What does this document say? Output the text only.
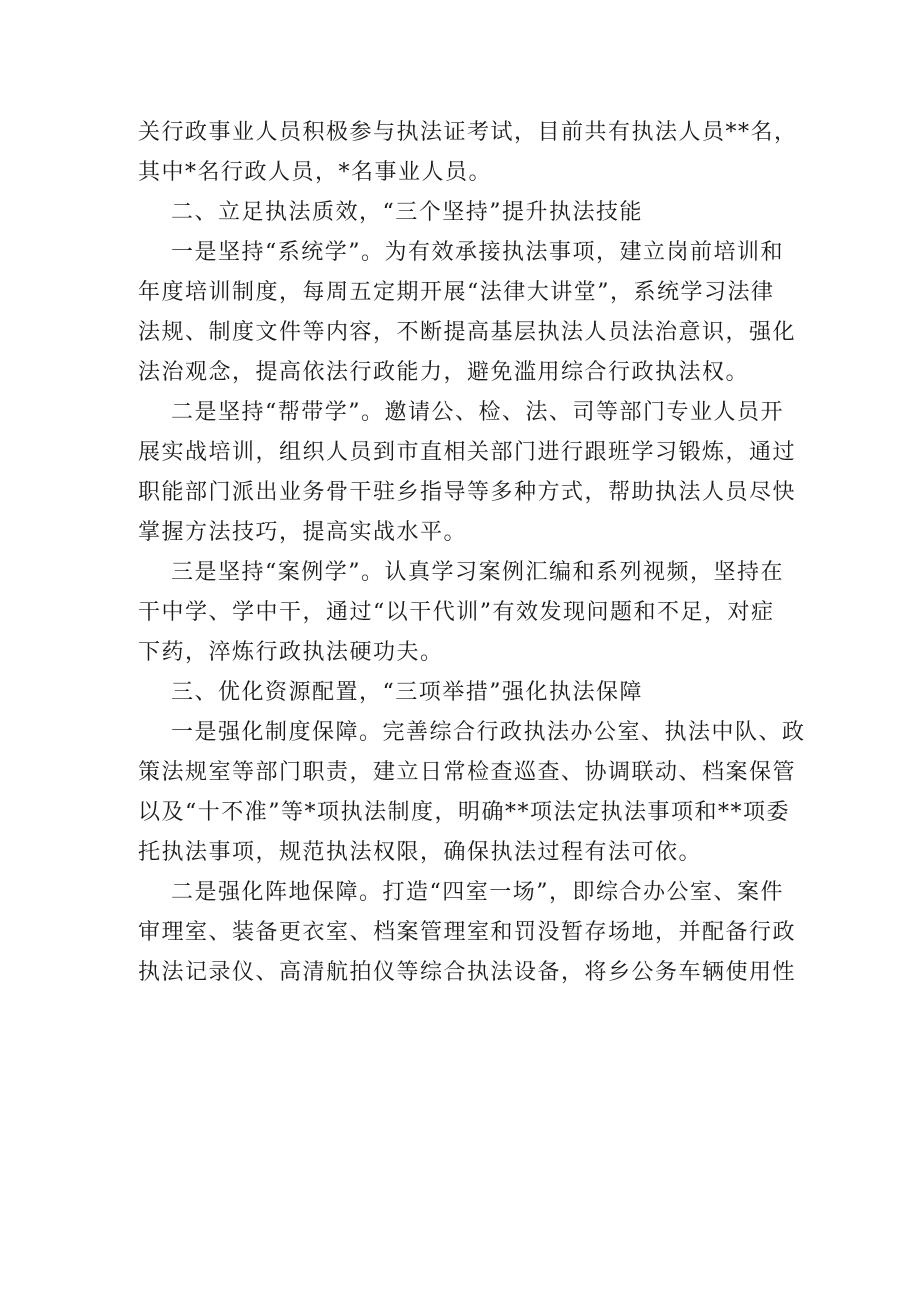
关行政事业人员积极参与执法证考试，目前共有执法人员**名，
其中*名行政人员，*名事业人员。

二、立足执法质效，“三个坚持”提升执法技能

一是坚持“系统学”。为有效承接执法事项，建立岗前培训和
年度培训制度，每周五定期开展“法律大讲堂”，系统学习法律
法规、制度文件等内容，不断提高基层执法人员法治意识，强化
法治观念，提高依法行政能力，避免滥用综合行政执法权。

二是坚持“帮带学”。邀请公、检、法、司等部门专业人员开
展实战培训，组织人员到市直相关部门进行跟班学习锻炼，通过
职能部门派出业务骨干驻乡指导等多种方式，帮助执法人员尽快
掌握方法技巧，提高实战水平。

三是坚持“案例学”。认真学习案例汇编和系列视频，坚持在
干中学、学中干，通过“以干代训”有效发现问题和不足，对症
下药，淬炼行政执法硬功夫。

三、优化资源配置，“三项举措”强化执法保障

一是强化制度保障。完善综合行政执法办公室、执法中队、政
策法规室等部门职责，建立日常检查巡查、协调联动、档案保管
以及“十不准”等*项执法制度，明确**项法定执法事项和**项委
托执法事项，规范执法权限，确保执法过程有法可依。

二是强化阵地保障。打造“四室一场”，即综合办公室、案件
审理室、装备更衣室、档案管理室和罚没暂存场地，并配备行政
执法记录仪、高清航拍仪等综合执法设备，将乡公务车辆使用性
